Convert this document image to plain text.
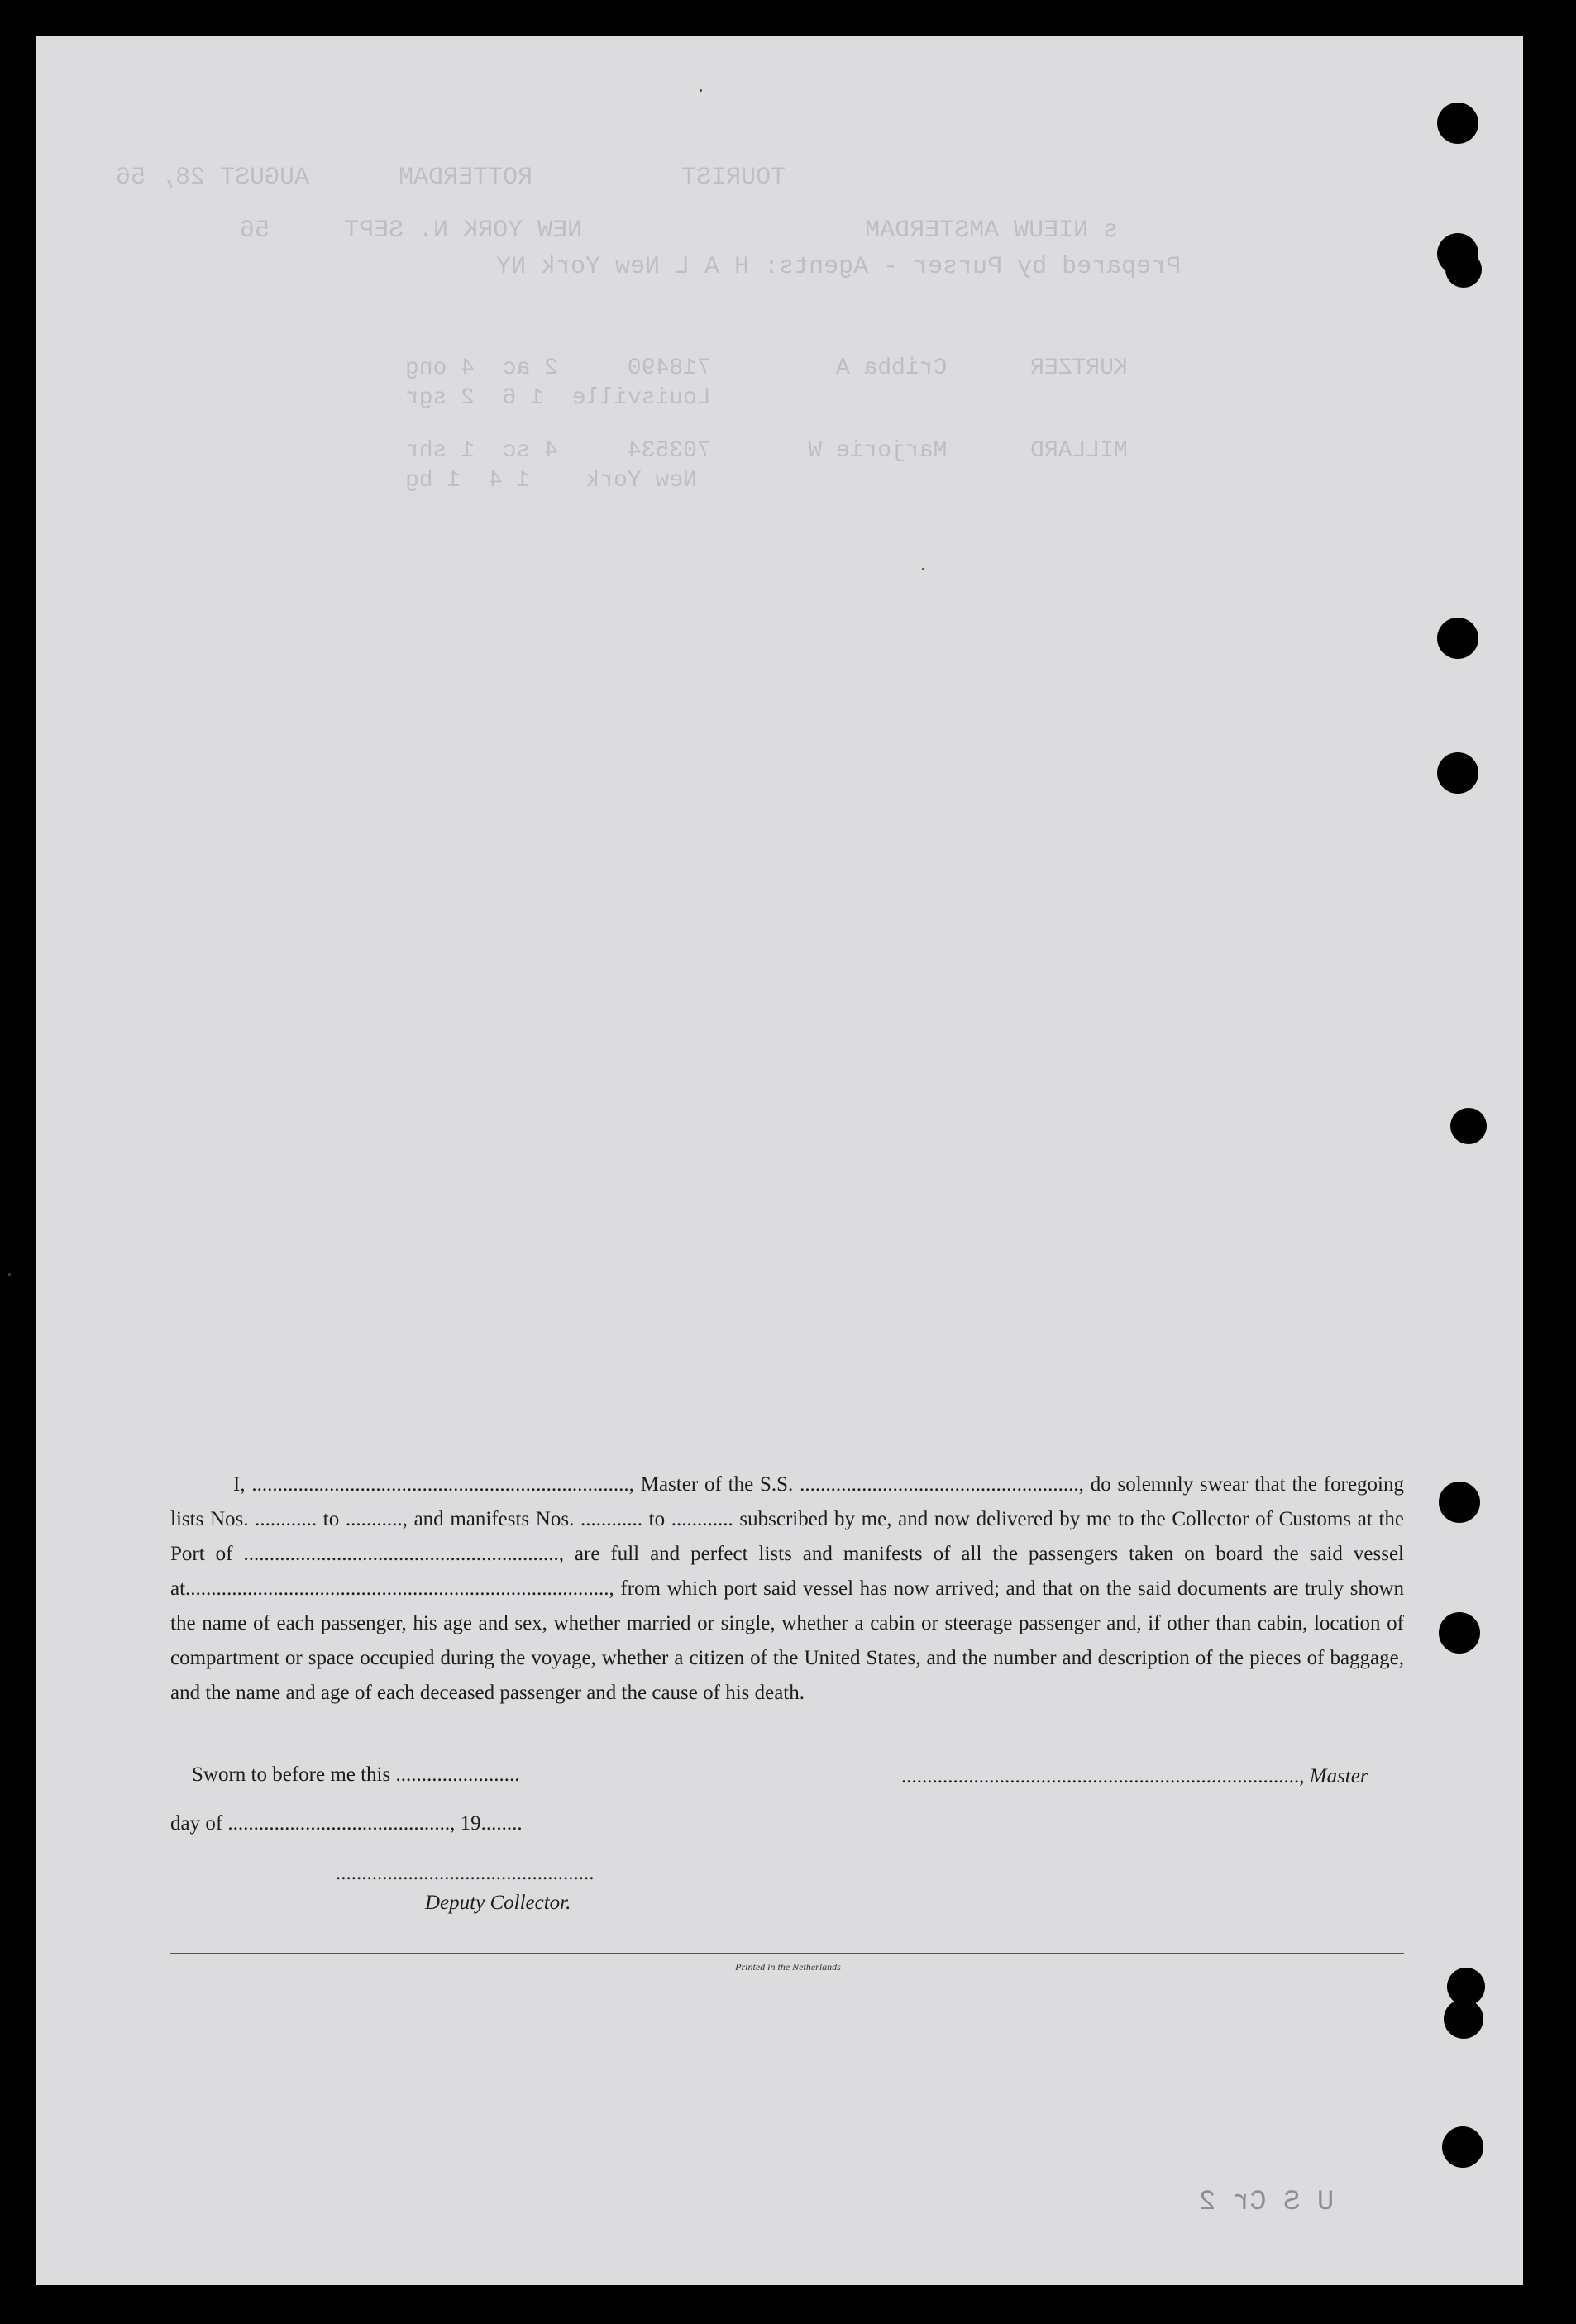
TOURIST          ROTTERDAM      AUGUST 28, 56
s NIEUW AMSTERDAM                   NEW YORK N. SEPT     56
Prepared by Purser - Agents: H A L New York NY
KURTZER      Cribba A         718490     2 ac  4 ong
Louisville  1 6  2 sgr
MILLARD      Marjorie W       703534     4 sc  1 shr
New York    1 4  1 bg
U S Cr 2

I, ........................................................................., Master of the S.S. ......................................................, do solemnly swear that the foregoing lists Nos. ............ to ..........., and manifests Nos. ............ to ............ subscribed by me, and now delivered by me to the Collector of Customs at the Port of ............................................................., are full and perfect lists and manifests of all the passengers taken on board the said vessel at.................................................................................., from which port said vessel has now arrived; and that on the said documents are truly shown the name of each passenger, his age and sex, whether married or single, whether a cabin or steerage passenger and, if other than cabin, location of compartment or space occupied during the voyage, whether a citizen of the United States, and the number and description of the pieces of baggage, and the name and age of each deceased passenger and the cause of his death.

Sworn to before me this ........................	............................................................................., Master
day of ..........................................., 19........
..................................................
Deputy Collector.
Printed in the Netherlands
